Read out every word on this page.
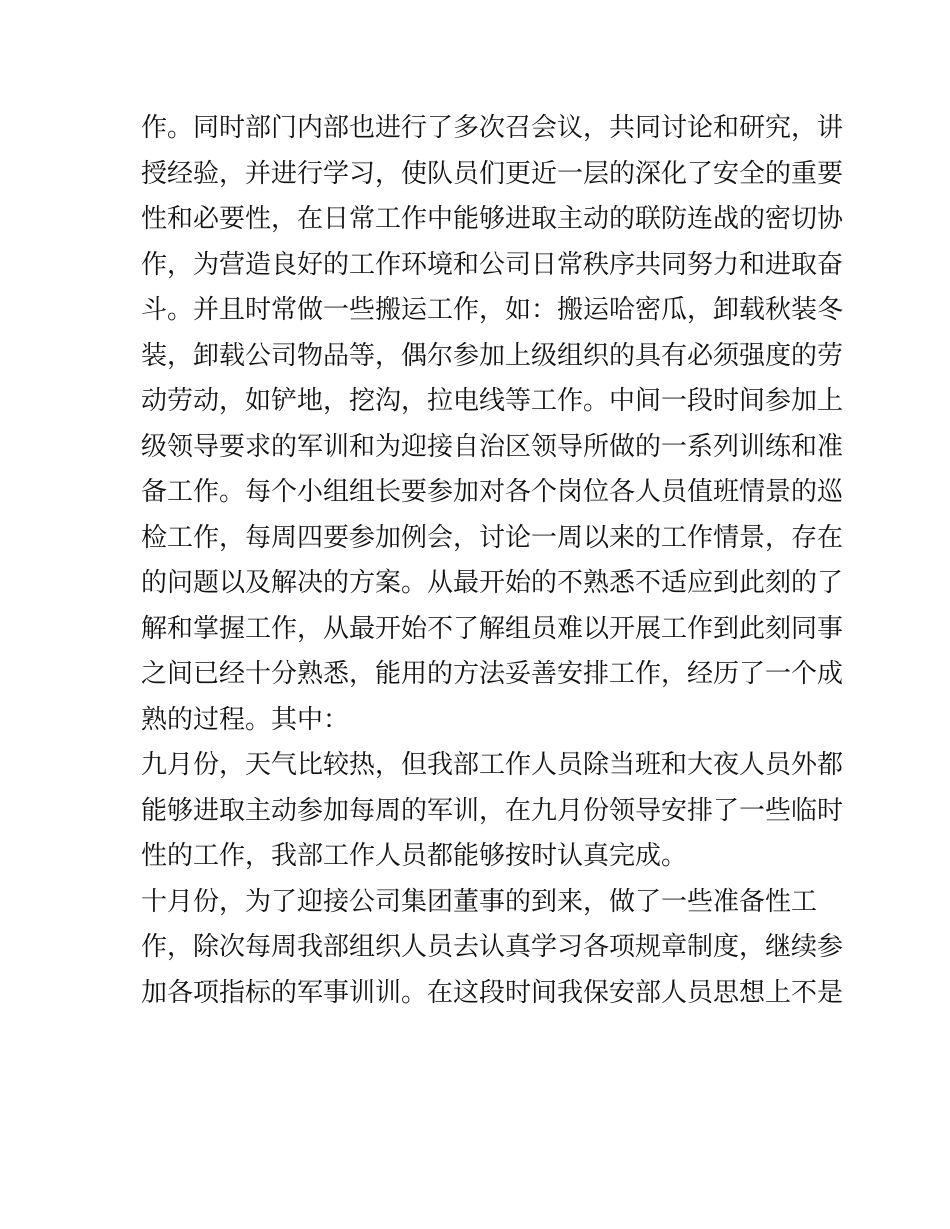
作。同时部门内部也进行了多次召会议，共同讨论和研究，讲
授经验，并进行学习，使队员们更近一层的深化了安全的重要
性和必要性，在日常工作中能够进取主动的联防连战的密切协
作，为营造良好的工作环境和公司日常秩序共同努力和进取奋
斗。并且时常做一些搬运工作，如：搬运哈密瓜，卸载秋装冬
装，卸载公司物品等，偶尔参加上级组织的具有必须强度的劳
动劳动，如铲地，挖沟，拉电线等工作。中间一段时间参加上
级领导要求的军训和为迎接自治区领导所做的一系列训练和准
备工作。每个小组组长要参加对各个岗位各人员值班情景的巡
检工作，每周四要参加例会，讨论一周以来的工作情景，存在
的问题以及解决的方案。从最开始的不熟悉不适应到此刻的了
解和掌握工作，从最开始不了解组员难以开展工作到此刻同事
之间已经十分熟悉，能用的方法妥善安排工作，经历了一个成
熟的过程。其中：
九月份，天气比较热，但我部工作人员除当班和大夜人员外都
能够进取主动参加每周的军训，在九月份领导安排了一些临时
性的工作，我部工作人员都能够按时认真完成。
十月份，为了迎接公司集团董事的到来，做了一些准备性工
作，除次每周我部组织人员去认真学习各项规章制度，继续参
加各项指标的军事训训。在这段时间我保安部人员思想上不是
